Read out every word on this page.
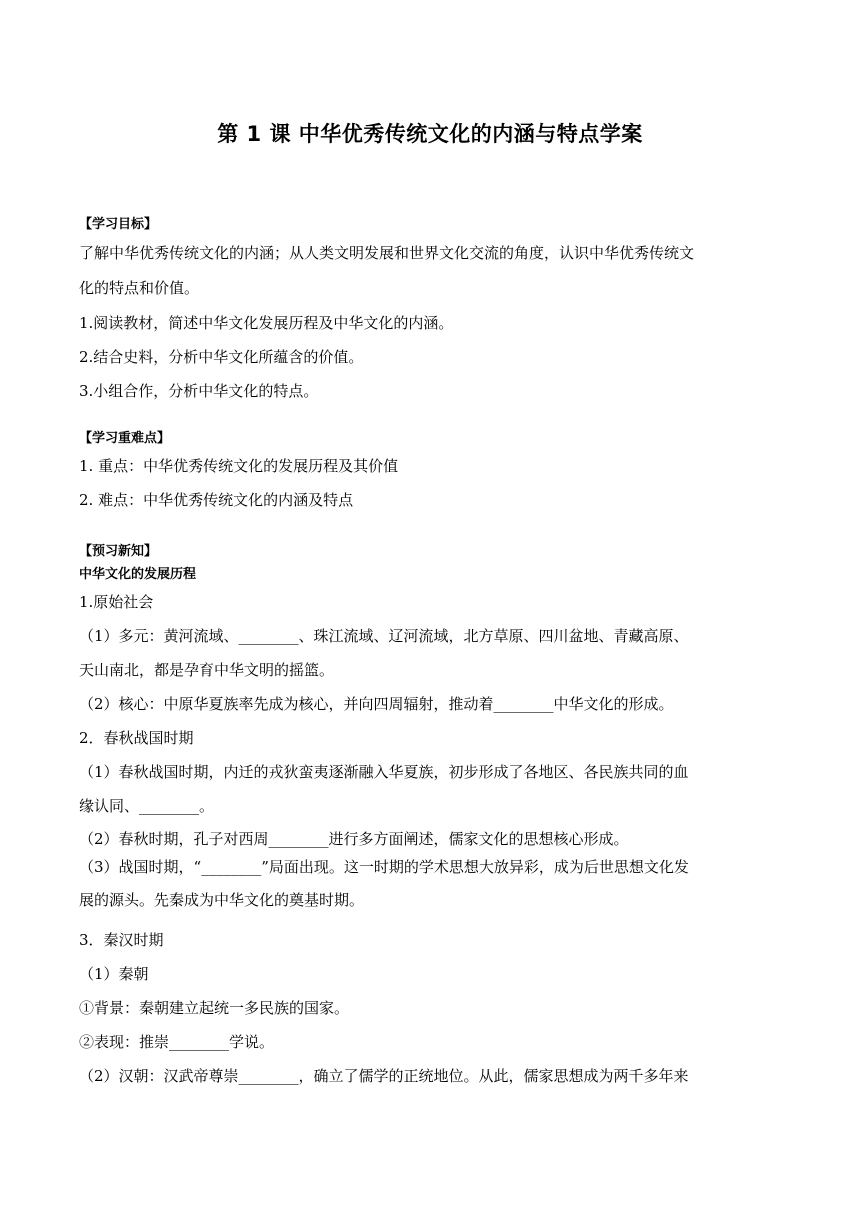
第 1 课 中华优秀传统文化的内涵与特点学案
【学习目标】
了解中华优秀传统文化的内涵；从人类文明发展和世界文化交流的角度，认识中华优秀传统文
化的特点和价值。
1.阅读教材，简述中华文化发展历程及中华文化的内涵。
2.结合史料，分析中华文化所蕴含的价值。
3.小组合作，分析中华文化的特点。
【学习重难点】
1. 重点：中华优秀传统文化的发展历程及其价值
2. 难点：中华优秀传统文化的内涵及特点
【预习新知】
中华文化的发展历程
1.原始社会
（1）多元：黄河流域、________、珠江流域、辽河流域，北方草原、四川盆地、青藏高原、
天山南北，都是孕育中华文明的摇篮。
（2）核心：中原华夏族率先成为核心，并向四周辐射，推动着________中华文化的形成。
2．春秋战国时期
（1）春秋战国时期，内迁的戎狄蛮夷逐渐融入华夏族，初步形成了各地区、各民族共同的血
缘认同、________。
（2）春秋时期，孔子对西周________进行多方面阐述，儒家文化的思想核心形成。
（3）战国时期，“________”局面出现。这一时期的学术思想大放异彩，成为后世思想文化发
展的源头。先秦成为中华文化的奠基时期。
3．秦汉时期
（1）秦朝
①背景：秦朝建立起统一多民族的国家。
②表现：推崇________学说。
（2）汉朝：汉武帝尊崇________，确立了儒学的正统地位。从此，儒家思想成为两千多年来
